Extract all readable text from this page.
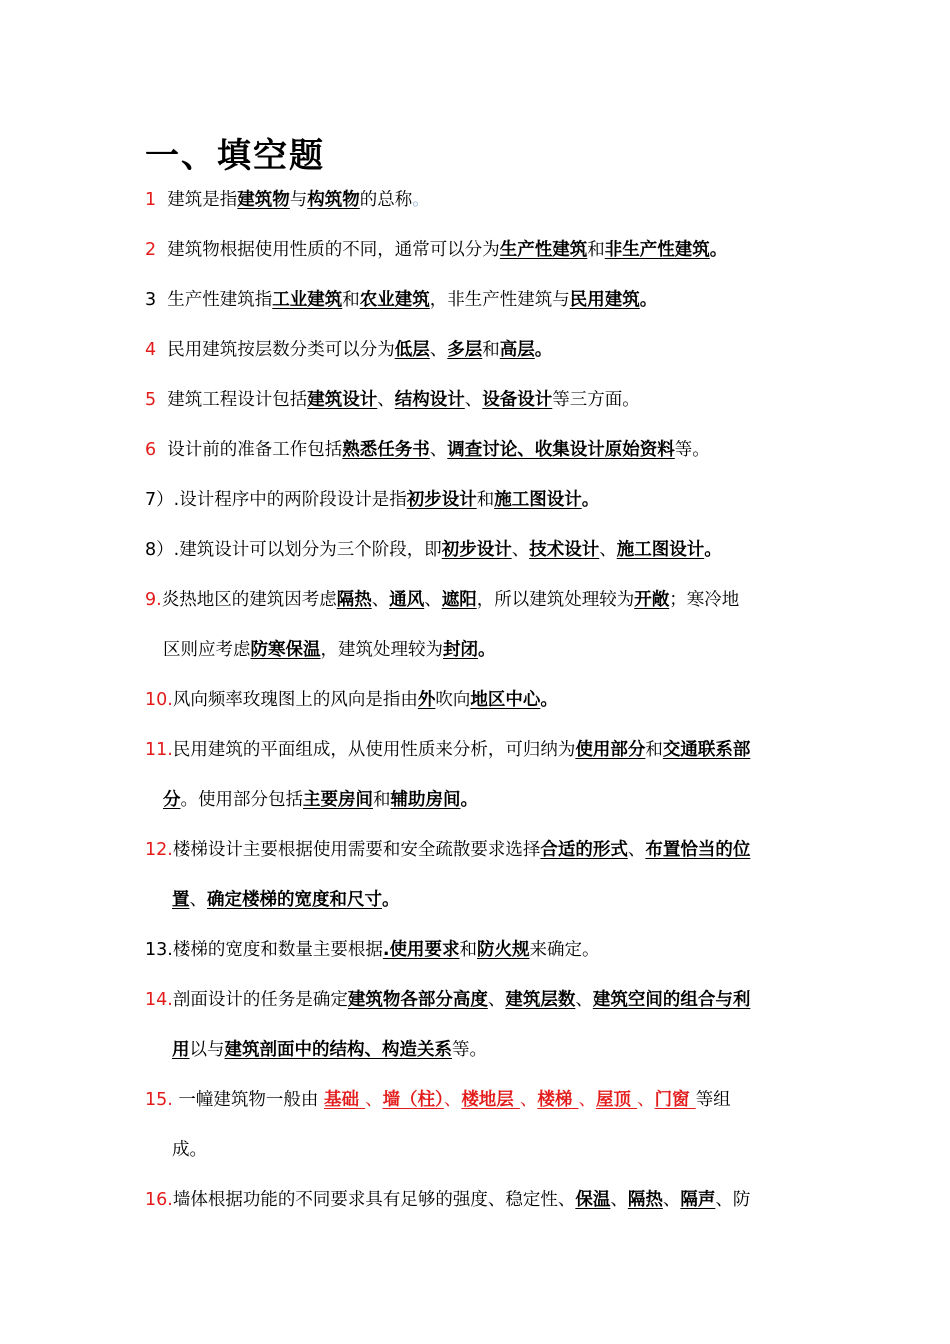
一、填空题
1 建筑是指建筑物与构筑物的总称。
2 建筑物根据使用性质的不同，通常可以分为生产性建筑和非生产性建筑。
3 生产性建筑指工业建筑和农业建筑，非生产性建筑与民用建筑。
4 民用建筑按层数分类可以分为低层、多层和高层。
5 建筑工程设计包括建筑设计、结构设计、设备设计等三方面。
6 设计前的准备工作包括熟悉任务书、调查讨论、收集设计原始资料等。
7）.设计程序中的两阶段设计是指初步设计和施工图设计。
8）.建筑设计可以划分为三个阶段，即初步设计、技术设计、施工图设计。
9.炎热地区的建筑因考虑隔热、通风、遮阳，所以建筑处理较为开敞；寒冷地
区则应考虑防寒保温，建筑处理较为封闭。
10.风向频率玫瑰图上的风向是指由外吹向地区中心。
11.民用建筑的平面组成，从使用性质来分析，可归纳为使用部分和交通联系部
分。使用部分包括主要房间和辅助房间。
12.楼梯设计主要根据使用需要和安全疏散要求选择合适的形式、布置恰当的位
置、确定楼梯的宽度和尺寸。
13.楼梯的宽度和数量主要根据.使用要求和防火规来确定。
14.剖面设计的任务是确定建筑物各部分高度、建筑层数、建筑空间的组合与利
用以与建筑剖面中的结构、构造关系等。
15. 一幢建筑物一般由 基础 、墙（柱）、楼地层 、楼梯 、屋顶 、门窗 等组
成。
16.墙体根据功能的不同要求具有足够的强度、稳定性、保温、隔热、隔声、防
